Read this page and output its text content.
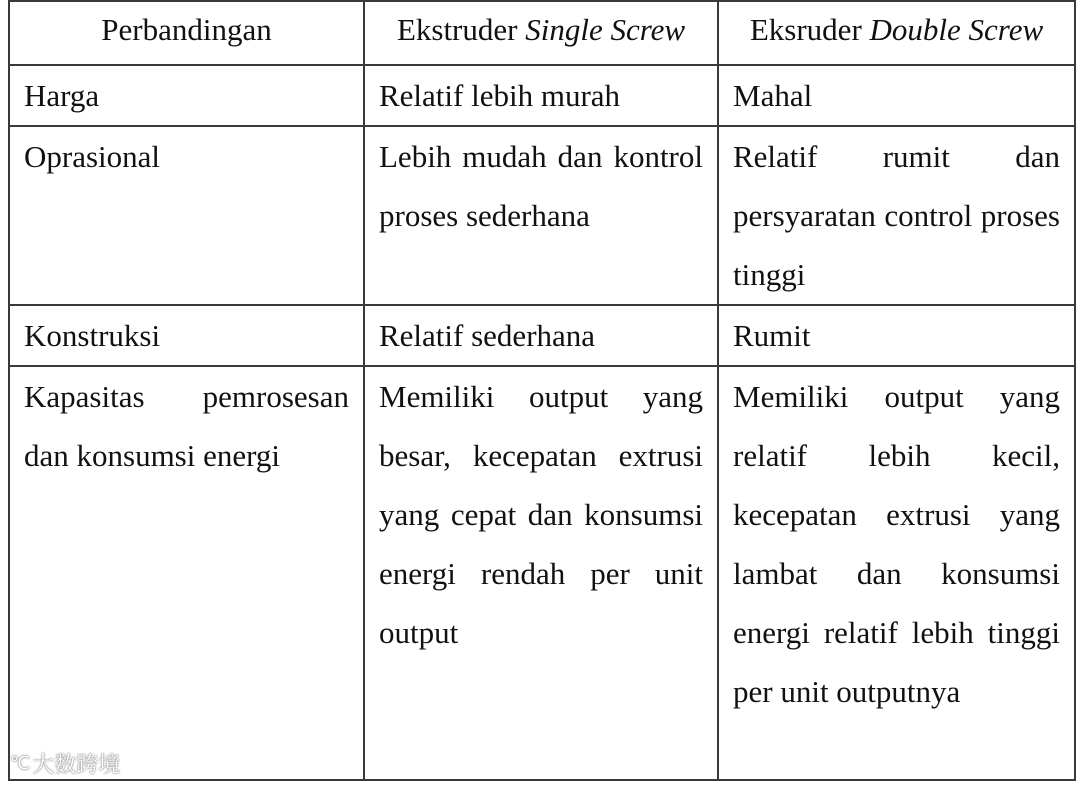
Perbandingan	Ekstruder Single Screw	Eksruder Double Screw
Harga	Relatif lebih murah	Mahal
Oprasional	Lebih mudah dan kontrol proses sederhana	Relatif rumit dan persyaratan control proses tinggi
Konstruksi	Relatif sederhana	Rumit
Kapasitas pemrosesan dan konsumsi energi	Memiliki output yang besar, kecepatan extrusi yang cepat dan konsumsi energi rendah per unit output	Memiliki output yang relatif lebih kecil, kecepatan extrusi yang lambat dan konsumsi energi relatif lebih tinggi per unit outputnya
℃ 大数跨境
